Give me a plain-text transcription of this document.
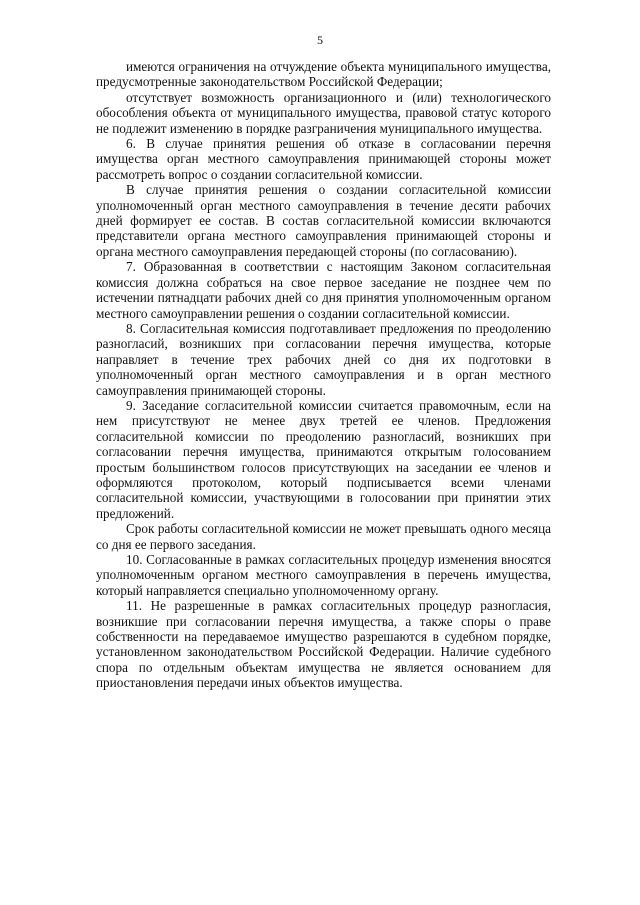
5

имеются ограничения на отчуждение объекта муниципального имущества, предусмотренные законодательством Российской Федерации;

отсутствует возможность организационного и (или) технологического обособления объекта от муниципального имущества, правовой статус которого не подлежит изменению в порядке разграничения муниципального имущества.

6. В случае принятия решения об отказе в согласовании перечня имущества орган местного самоуправления принимающей стороны может рассмотреть вопрос о создании согласительной комиссии.

В случае принятия решения о создании согласительной комиссии уполномоченный орган местного самоуправления в течение десяти рабочих дней формирует ее состав. В состав согласительной комиссии включаются представители органа местного самоуправления принимающей стороны и органа местного самоуправления передающей стороны (по согласованию).

7. Образованная в соответствии с настоящим Законом согласительная комиссия должна собраться на свое первое заседание не позднее чем по истечении пятнадцати рабочих дней со дня принятия уполномоченным органом местного самоуправлении решения о создании согласительной комиссии.

8. Согласительная комиссия подготавливает предложения по преодолению разногласий, возникших при согласовании перечня имущества, которые направляет в течение трех рабочих дней со дня их подготовки в уполномоченный орган местного самоуправления и в орган местного самоуправления принимающей стороны.

9. Заседание согласительной комиссии считается правомочным, если на нем присутствуют не менее двух третей ее членов. Предложения согласительной комиссии по преодолению разногласий, возникших при согласовании перечня имущества, принимаются открытым голосованием простым большинством голосов присутствующих на заседании ее членов и оформляются протоколом, который подписывается всеми членами согласительной комиссии, участвующими в голосовании при принятии этих предложений.

Срок работы согласительной комиссии не может превышать одного месяца со дня ее первого заседания.

10. Согласованные в рамках согласительных процедур изменения вносятся уполномоченным органом местного самоуправления в перечень имущества, который направляется специально уполномоченному органу.

11. Не разрешенные в рамках согласительных процедур разногласия, возникшие при согласовании перечня имущества, а также споры о праве собственности на передаваемое имущество разрешаются в судебном порядке, установленном законодательством Российской Федерации. Наличие судебного спора по отдельным объектам имущества не является основанием для приостановления передачи иных объектов имущества.
